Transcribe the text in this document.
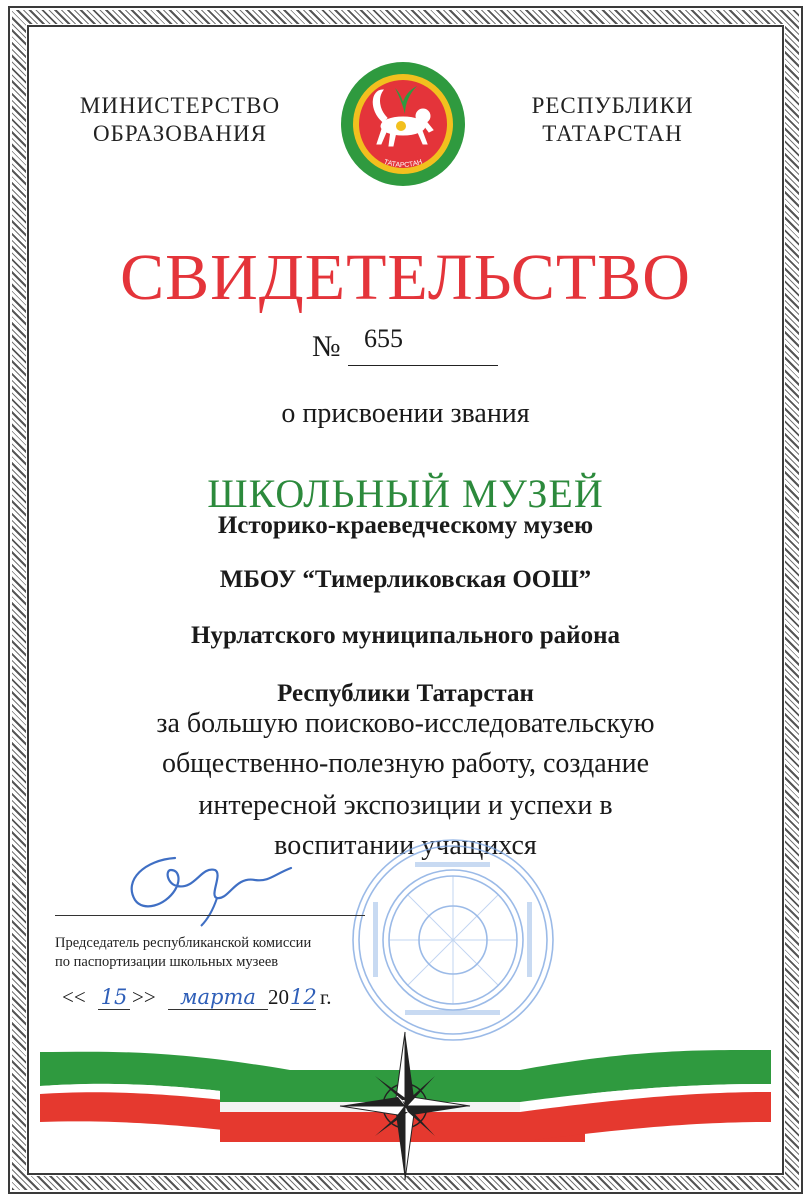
МИНИСТЕРСТВО
ОБРАЗОВАНИЯ
ТАТАРСТАН
РЕСПУБЛИКИ
ТАТАРСТАН
СВИДЕТЕЛЬСТВО
№ 655
о присвоении звания
ШКОЛЬНЫЙ МУЗЕЙ
Историко-краеведческому музею
МБОУ “Тимерликовская ООШ”
Нурлатского муниципального района
Республики Татарстан
за большую поисково-исследовательскую
общественно-полезную работу, создание
интересной экспозиции и успехи в
воспитании учащихся
Председатель республиканской комиссии
по паспортизации школьных музеев
<< 15 >>	марта 20 12 г.
